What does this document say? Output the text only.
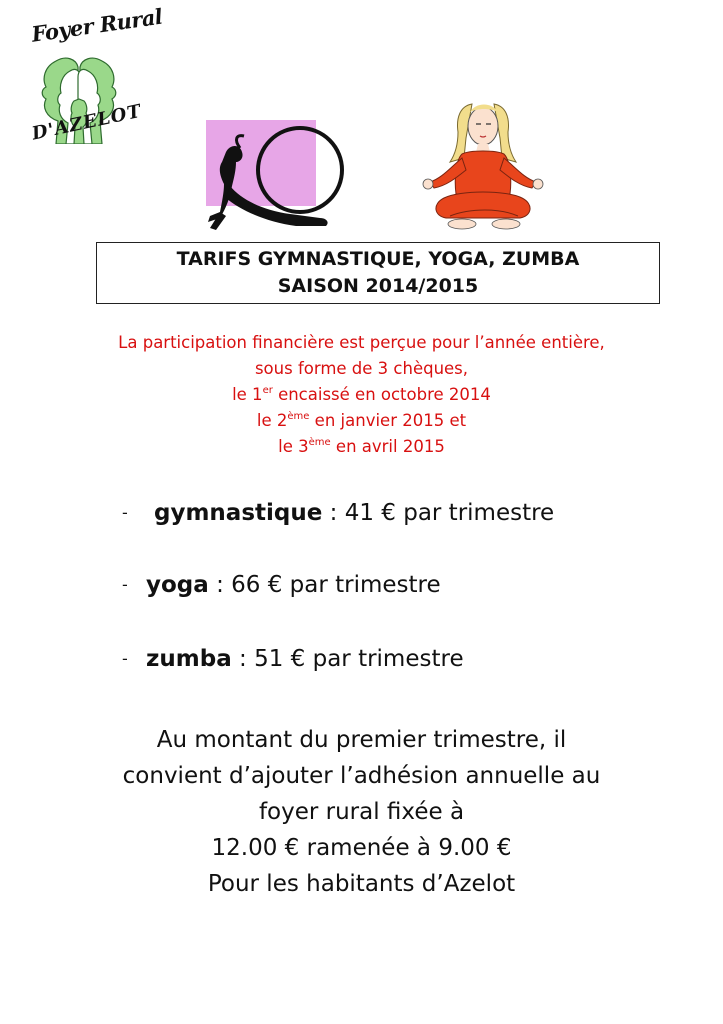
Foyer Rural
D'AZELOT
TARIFS GYMNASTIQUE, YOGA, ZUMBA
SAISON 2014/2015
La participation financière est perçue pour l’année entière,
sous forme de 3 chèques,
le 1er encaissé en octobre 2014
le 2ème en janvier 2015 et
le 3ème en avril 2015
- gymnastique : 41 € par trimestre
- yoga : 66 € par trimestre
- zumba : 51 € par trimestre
Au montant du premier trimestre, il
convient d’ajouter l’adhésion annuelle au
foyer rural fixée à
12.00 € ramenée à 9.00 €
Pour les habitants d’Azelot
